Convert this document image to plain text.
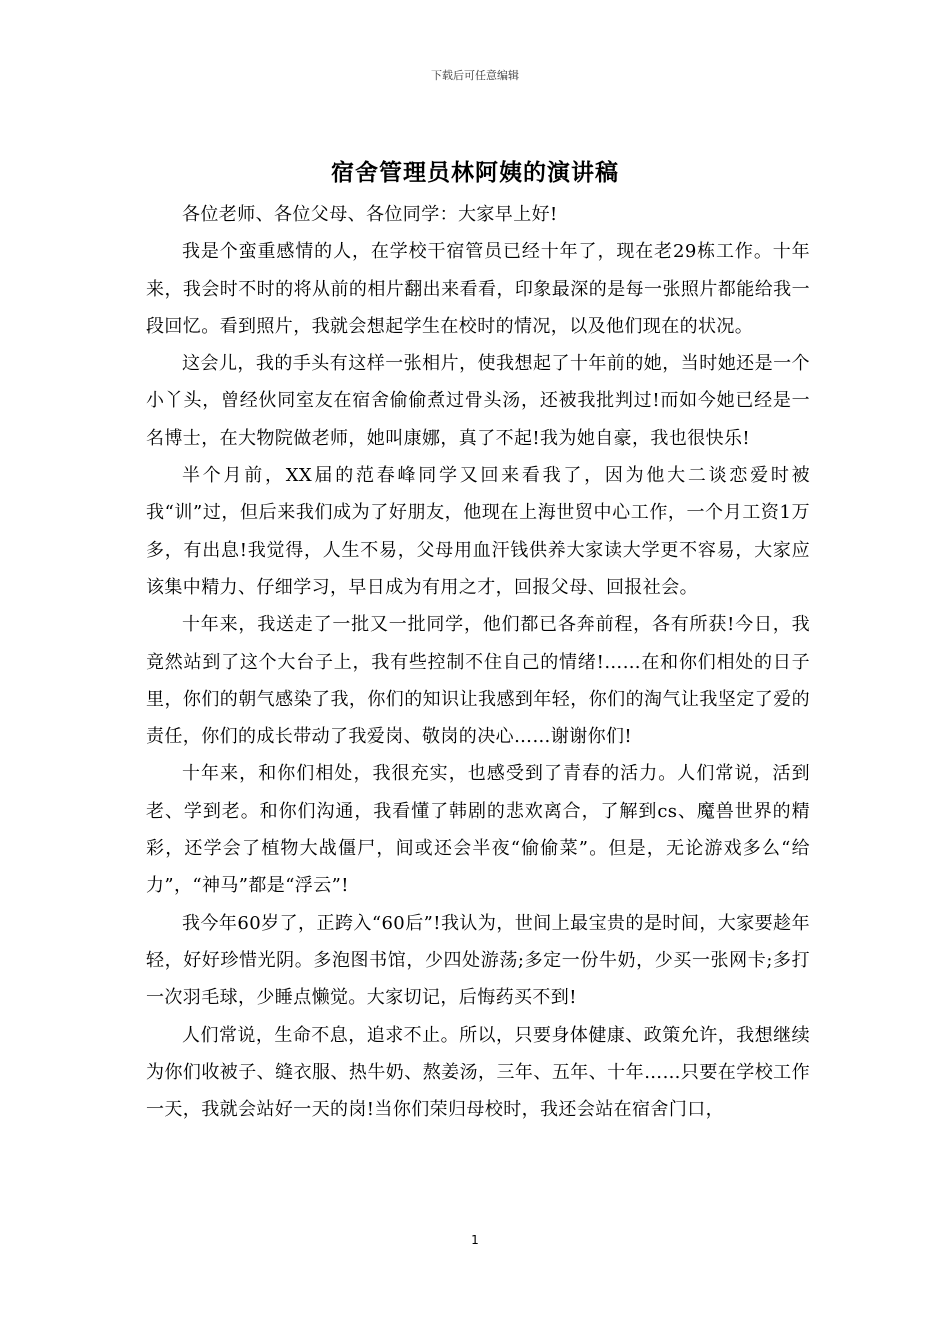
下载后可任意编辑
宿舍管理员林阿姨的演讲稿

各位老师、各位父母、各位同学：大家早上好!

我是个蛮重感情的人，在学校干宿管员已经十年了，现在老29栋工作。十年来，我会时不时的将从前的相片翻出来看看，印象最深的是每一张照片都能给我一段回忆。看到照片，我就会想起学生在校时的情况，以及他们现在的状况。

这会儿，我的手头有这样一张相片，使我想起了十年前的她，当时她还是一个小丫头，曾经伙同室友在宿舍偷偷煮过骨头汤，还被我批判过!而如今她已经是一名博士，在大物院做老师，她叫康娜，真了不起!我为她自豪，我也很快乐!

半个月前，XX届的范春峰同学又回来看我了，因为他大二谈恋爱时被我“训”过，但后来我们成为了好朋友，他现在上海世贸中心工作，一个月工资1万多，有出息!我觉得，人生不易，父母用血汗钱供养大家读大学更不容易，大家应该集中精力、仔细学习，早日成为有用之才，回报父母、回报社会。

十年来，我送走了一批又一批同学，他们都已各奔前程，各有所获!今日，我竟然站到了这个大台子上，我有些控制不住自己的情绪!……在和你们相处的日子里，你们的朝气感染了我，你们的知识让我感到年轻，你们的淘气让我坚定了爱的责任，你们的成长带动了我爱岗、敬岗的决心……谢谢你们!

十年来，和你们相处，我很充实，也感受到了青春的活力。人们常说，活到老、学到老。和你们沟通，我看懂了韩剧的悲欢离合，了解到cs、魔兽世界的精彩，还学会了植物大战僵尸，间或还会半夜“偷偷菜”。但是，无论游戏多么“给力”，“神马”都是“浮云”!

我今年60岁了，正跨入“60后”!我认为，世间上最宝贵的是时间，大家要趁年轻，好好珍惜光阴。多泡图书馆，少四处游荡;多定一份牛奶，少买一张网卡;多打一次羽毛球，少睡点懒觉。大家切记，后悔药买不到!

人们常说，生命不息，追求不止。所以，只要身体健康、政策允许，我想继续为你们收被子、缝衣服、热牛奶、熬姜汤，三年、五年、十年……只要在学校工作一天，我就会站好一天的岗!当你们荣归母校时，我还会站在宿舍门口，

1
